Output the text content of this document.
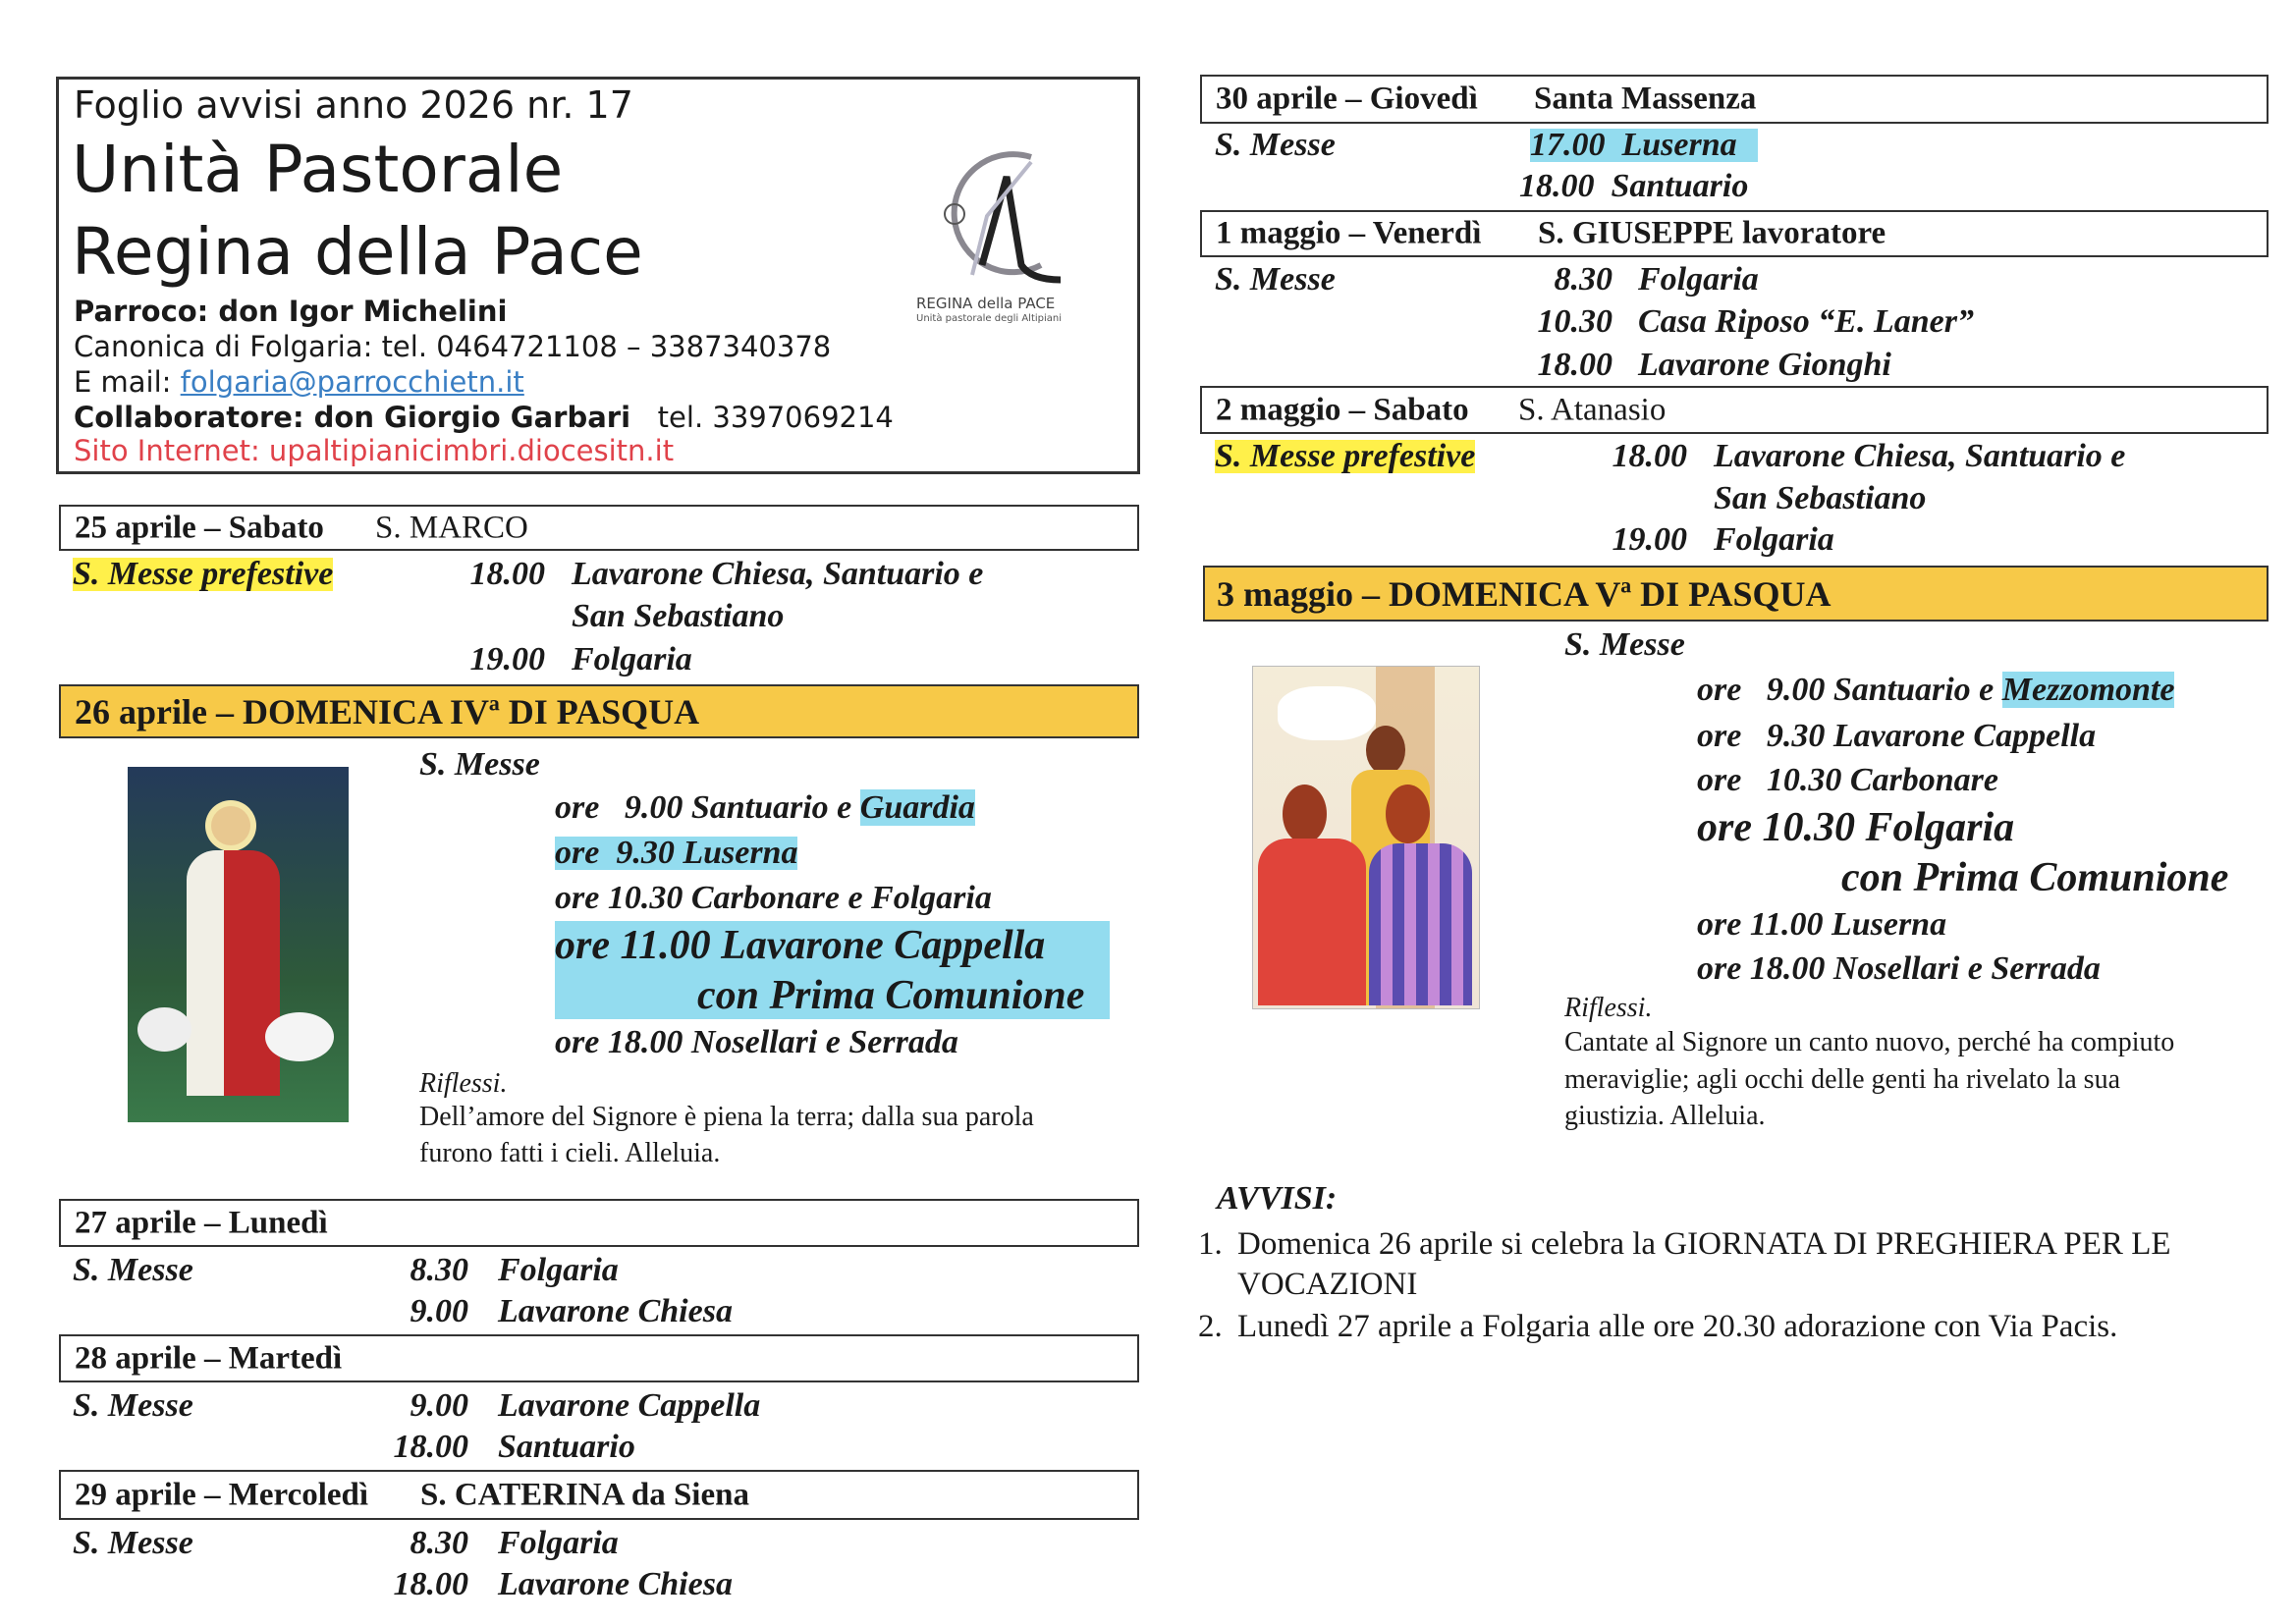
Foglio avvisi anno 2026 nr. 17
Unità Pastorale
Regina della Pace
Parroco: don Igor Michelini
Canonica di Folgaria: tel. 0464721108 – 3387340378
E mail: folgaria@parrocchietn.it
Collaboratore: don Giorgio Garbari tel. 3397069214
Sito Internet: upaltipianicimbri.diocesitn.it
REGINA della PACE
Unità pastorale degli Altipiani
25 aprile – Sabato S. MARCO
S. Messe prefestive	18.00 Lavarone Chiesa, Santuario e
San Sebastiano
19.00 Folgaria
26 aprile – DOMENICA IVª DI PASQUA
S. Messe
ore 9.00 Santuario e Guardia
ore  9.30 Luserna
ore 10.30 Carbonare e Folgaria
ore 11.00 Lavarone Cappella
con Prima Comunione
ore 18.00 Nosellari e Serrada
Riflessi.
Dell’amore del Signore è piena la terra; dalla sua parola
furono fatti i cieli. Alleluia.
27 aprile – Lunedì
S. Messe	8.30 Folgaria
9.00 Lavarone Chiesa
28 aprile – Martedì
S. Messe	9.00 Lavarone Cappella
18.00 Santuario
29 aprile – Mercoledì S. CATERINA da Siena
S. Messe	8.30 Folgaria
18.00 Lavarone Chiesa
30 aprile – Giovedì Santa Massenza
S. Messe	17.00 Luserna
18.00 Santuario
1 maggio – Venerdì S. GIUSEPPE lavoratore
S. Messe	8.30 Folgaria
10.30 Casa Riposo “E. Laner”
18.00 Lavarone Gionghi
2 maggio – Sabato S. Atanasio
S. Messe prefestive	18.00 Lavarone Chiesa, Santuario e
San Sebastiano
19.00 Folgaria
3 maggio – DOMENICA Vª DI PASQUA
S. Messe
ore 9.00 Santuario e Mezzomonte
ore 9.30 Lavarone Cappella
ore 10.30 Carbonare
ore 10.30 Folgaria
con Prima Comunione
ore 11.00 Luserna
ore 18.00 Nosellari e Serrada
Riflessi.
Cantate al Signore un canto nuovo, perché ha compiuto
meraviglie; agli occhi delle genti ha rivelato la sua
giustizia. Alleluia.
AVVISI:
1. Domenica 26 aprile si celebra la GIORNATA DI PREGHIERA PER LE
VOCAZIONI
2. Lunedì 27 aprile a Folgaria alle ore 20.30 adorazione con Via Pacis.
